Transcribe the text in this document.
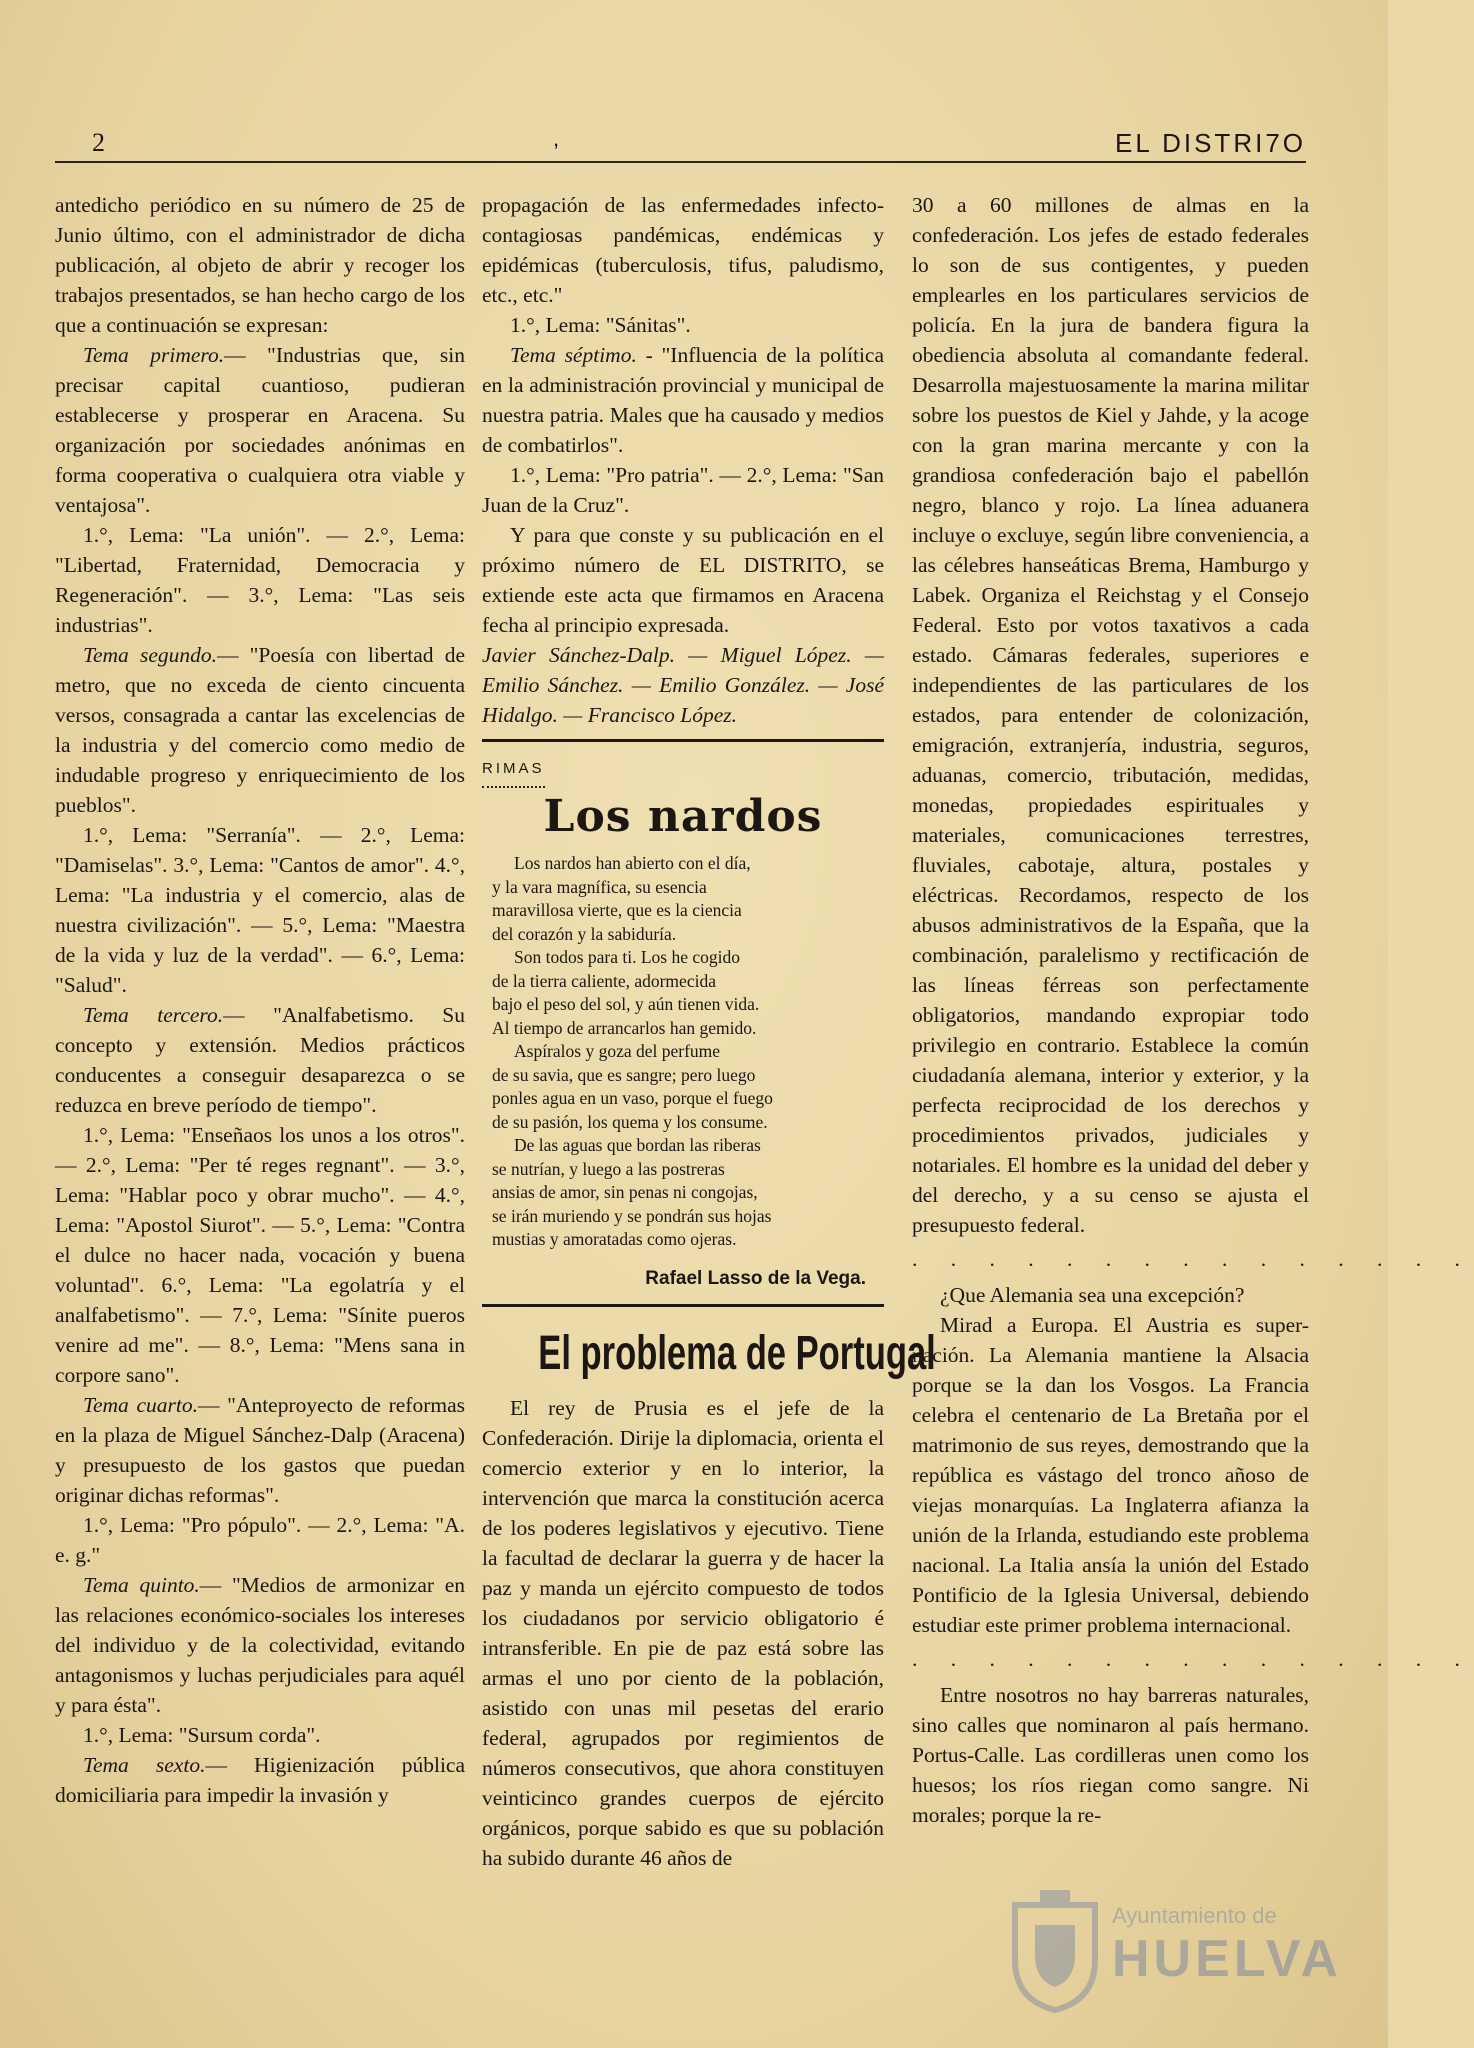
2	,	EL DISTRI7O

antedicho periódico en su número de 25 de Junio último, con el administrador de dicha publicación, al objeto de abrir y recoger los trabajos presentados, se han hecho cargo de los que a continuación se expresan:

Tema primero.— "Industrias que, sin precisar capital cuantioso, pudieran establecerse y prosperar en Aracena. Su organización por sociedades anónimas en forma cooperativa o cualquiera otra viable y ventajosa".

1.°, Lema: "La unión". — 2.°, Lema: "Libertad, Fraternidad, Democracia y Regeneración". — 3.°, Lema: "Las seis industrias".

Tema segundo.— "Poesía con libertad de metro, que no exceda de ciento cincuenta versos, consagrada a cantar las excelencias de la industria y del comercio como medio de indudable progreso y enriquecimiento de los pueblos".

1.°, Lema: "Serranía". — 2.°, Lema: "Damiselas". 3.°, Lema: "Cantos de amor". 4.°, Lema: "La industria y el comercio, alas de nuestra civilización". — 5.°, Lema: "Maestra de la vida y luz de la verdad". — 6.°, Lema: "Salud".

Tema tercero.— "Analfabetismo. Su concepto y extensión. Medios prácticos conducentes a conseguir desaparezca o se reduzca en breve período de tiempo".

1.°, Lema: "Enseñaos los unos a los otros". — 2.°, Lema: "Per té reges regnant". — 3.°, Lema: "Hablar poco y obrar mucho". — 4.°, Lema: "Apostol Siurot". — 5.°, Lema: "Contra el dulce no hacer nada, vocación y buena voluntad". 6.°, Lema: "La egolatría y el analfabetismo". — 7.°, Lema: "Sínite pueros venire ad me". — 8.°, Lema: "Mens sana in corpore sano".

Tema cuarto.— "Anteproyecto de reformas en la plaza de Miguel Sánchez-Dalp (Aracena) y presupuesto de los gastos que puedan originar dichas reformas".

1.°, Lema: "Pro pópulo". — 2.°, Lema: "A. e. g."

Tema quinto.— "Medios de armonizar en las relaciones económico-sociales los intereses del individuo y de la colectividad, evitando antagonismos y luchas perjudiciales para aquél y para ésta".

1.°, Lema: "Sursum corda".

Tema sexto.— Higienización pública domiciliaria para impedir la invasión y

propagación de las enfermedades infecto-contagiosas pandémicas, endémicas y epidémicas (tuberculosis, tifus, paludismo, etc., etc."

1.°, Lema: "Sánitas".

Tema séptimo. - "Influencia de la política en la administración provincial y municipal de nuestra patria. Males que ha causado y medios de combatirlos".

1.°, Lema: "Pro patria". — 2.°, Lema: "San Juan de la Cruz".

Y para que conste y su publicación en el próximo número de EL DISTRITO, se extiende este acta que firmamos en Aracena fecha al principio expresada.

Javier Sánchez-Dalp. — Miguel López. — Emilio Sánchez. — Emilio González. — José Hidalgo. — Francisco López.

RIMAS
Los nardos
Los nardos han abierto con el día,
y la vara magnífica, su esencia
maravillosa vierte, que es la ciencia
del corazón y la sabiduría.
Son todos para ti. Los he cogido
de la tierra caliente, adormecida
bajo el peso del sol, y aún tienen vida.
Al tiempo de arrancarlos han gemido.
Aspíralos y goza del perfume
de su savia, que es sangre; pero luego
ponles agua en un vaso, porque el fuego
de su pasión, los quema y los consume.
De las aguas que bordan las riberas
se nutrían, y luego a las postreras
ansias de amor, sin penas ni congojas,
se irán muriendo y se pondrán sus hojas
mustias y amoratadas como ojeras.
Rafael Lasso de la Vega.
El problema de Portugal

El rey de Prusia es el jefe de la Confederación. Dirije la diplomacia, orienta el comercio exterior y en lo interior, la intervención que marca la constitución acerca de los poderes legislativos y ejecutivo. Tiene la facultad de declarar la guerra y de hacer la paz y manda un ejército compuesto de todos los ciudadanos por servicio obligatorio é intransferible. En pie de paz está sobre las armas el uno por ciento de la población, asistido con unas mil pesetas del erario federal, agrupados por regimientos de números consecutivos, que ahora constituyen veinticinco grandes cuerpos de ejército orgánicos, porque sabido es que su población ha subido durante 46 años de

30 a 60 millones de almas en la confederación. Los jefes de estado federales lo son de sus contigentes, y pueden emplearles en los particulares servicios de policía. En la jura de bandera figura la obediencia absoluta al comandante federal. Desarrolla majestuosamente la marina militar sobre los puestos de Kiel y Jahde, y la acoge con la gran marina mercante y con la grandiosa confederación bajo el pabellón negro, blanco y rojo. La línea aduanera incluye o excluye, según libre conveniencia, a las célebres hanseáticas Brema, Hamburgo y Labek. Organiza el Reichstag y el Consejo Federal. Esto por votos taxativos a cada estado. Cámaras federales, superiores e independientes de las particulares de los estados, para entender de colonización, emigración, extranjería, industria, seguros, aduanas, comercio, tributación, medidas, monedas, propiedades espirituales y materiales, comunicaciones terrestres, fluviales, cabotaje, altura, postales y eléctricas. Recordamos, respecto de los abusos administrativos de la España, que la combinación, paralelismo y rectificación de las líneas férreas son perfectamente obligatorios, mandando expropiar todo privilegio en contrario. Establece la común ciudadanía alemana, interior y exterior, y la perfecta reciprocidad de los derechos y procedimientos privados, judiciales y notariales. El hombre es la unidad del deber y del derecho, y a su censo se ajusta el presupuesto federal.

. . . . . . . . . . . . . . .

¿Que Alemania sea una excepción?

Mirad a Europa. El Austria es super-nación. La Alemania mantiene la Alsacia porque se la dan los Vosgos. La Francia celebra el centenario de La Bretaña por el matrimonio de sus reyes, demostrando que la república es vástago del tronco añoso de viejas monarquías. La Inglaterra afianza la unión de la Irlanda, estudiando este problema nacional. La Italia ansía la unión del Estado Pontificio de la Iglesia Universal, debiendo estudiar este primer problema internacional.

. . . . . . . . . . . . . . .

Entre nosotros no hay barreras naturales, sino calles que nominaron al país hermano. Portus-Calle. Las cordilleras unen como los huesos; los ríos riegan como sangre. Ni morales; porque la re-

Ayuntamiento de
HUELVA
